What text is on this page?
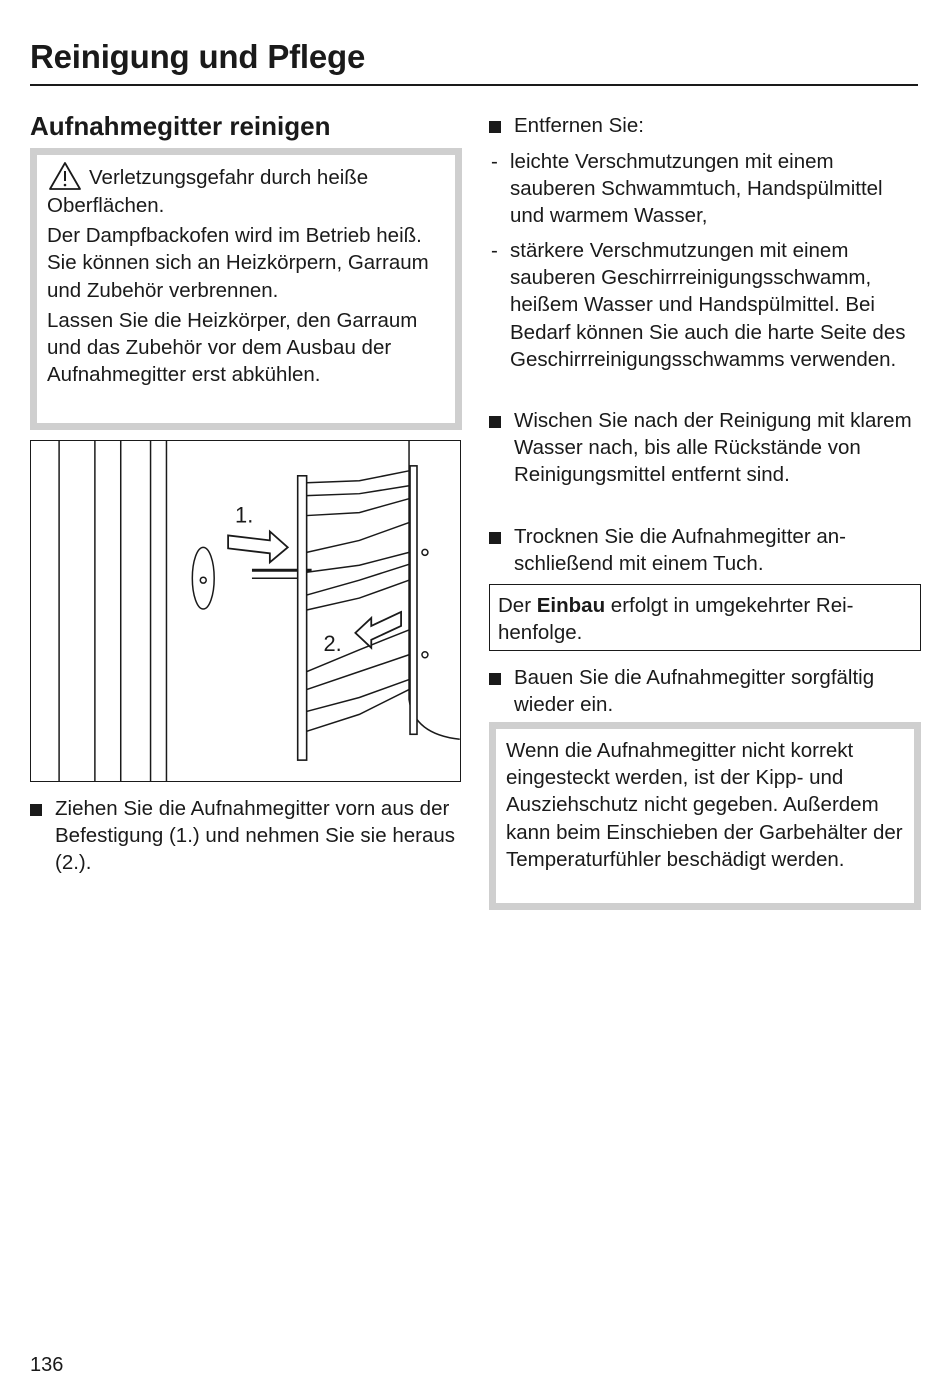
Reinigung und Pflege
Aufnahmegitter reinigen
Verletzungsgefahr durch heiße
Oberflächen.
Der Dampfbackofen wird im Betrieb heiß. Sie können sich an Heizkörpern, Garraum und Zubehör verbrennen.
Lassen Sie die Heizkörper, den Garraum und das Zubehör vor dem Ausbau der Aufnahmegitter erst abkühlen.
1.
2.
Ziehen Sie die Aufnahmegitter vorn aus der Befestigung (1.) und nehmen Sie sie heraus (2.).
Entfernen Sie:
- leichte Verschmutzungen mit einem sauberen Schwammtuch, Handspülmittel und warmem Wasser,
- stärkere Verschmutzungen mit einem sauberen Geschirrreinigungsschwamm, heißem Wasser und Handspülmittel. Bei Bedarf können Sie auch die harte Seite des Geschirrreinigungsschwamms verwenden.
Wischen Sie nach der Reinigung mit klarem Wasser nach, bis alle Rückstände von Reinigungsmittel entfernt sind.
Trocknen Sie die Aufnahmegitter anschließend mit einem Tuch.
Der Einbau erfolgt in umgekehrter Reihenfolge.
Bauen Sie die Aufnahmegitter sorgfältig wieder ein.
Wenn die Aufnahmegitter nicht korrekt eingesteckt werden, ist der Kipp- und Ausziehschutz nicht gegeben. Außerdem kann beim Einschieben der Garbehälter der Temperaturfühler beschädigt werden.
136
